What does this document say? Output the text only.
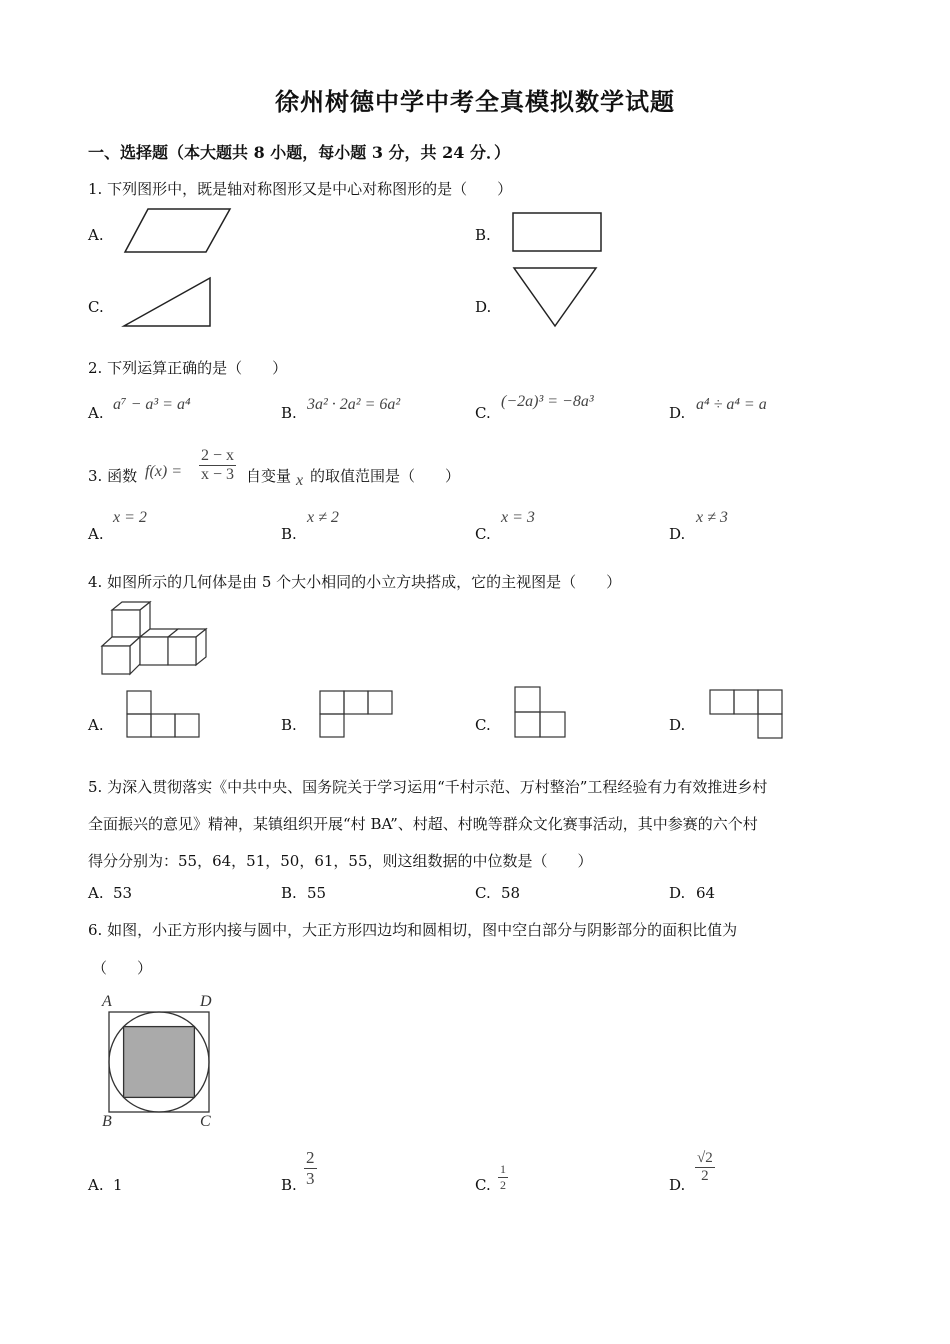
徐州树德中学中考全真模拟数学试题
一、选择题（本大题共 8 小题，每小题 3 分，共 24 分．）
1. 下列图形中，既是轴对称图形又是中心对称图形的是（　　）
A.	B.
C.	D.
2. 下列运算正确的是（　　）
A. a⁷ − a³ = a⁴	B. 3a² · 2a² = 6a²	C.
(−2a)³ = −8a³
D. a⁴ ÷ a⁴ = a
3. 函数 $f(x) = \frac{2 - x}{x - 3}$ 自变量 x 的取值范围是（　　）
A.
x = 2
B.
x ≠ 2
C.
x = 3
D.
x ≠ 3
4. 如图所示的几何体是由 5 个大小相同的小立方块搭成，它的主视图是（　　）
A.	B.	C.	D.
5. 为深入贯彻落实《中共中央、国务院关于学习运用“千村示范、万村整治”工程经验有力有效推进乡村
全面振兴的意见》精神，某镇组织开展“村 BA”、村超、村晚等群众文化赛事活动，其中参赛的六个村
得分分别为：55，64，51，50，61，55，则这组数据的中位数是（　　）
A. 53	B. 55	C. 58	D. 64
6. 如图，小正方形内接与圆中，大正方形四边均和圆相切，图中空白部分与阴影部分的面积比值为
（　　）
A	D
B	C
A. 1	B. $\frac{2}{3}$	C. $\frac{1}{2}$	D. $\frac{√2}{2}$
